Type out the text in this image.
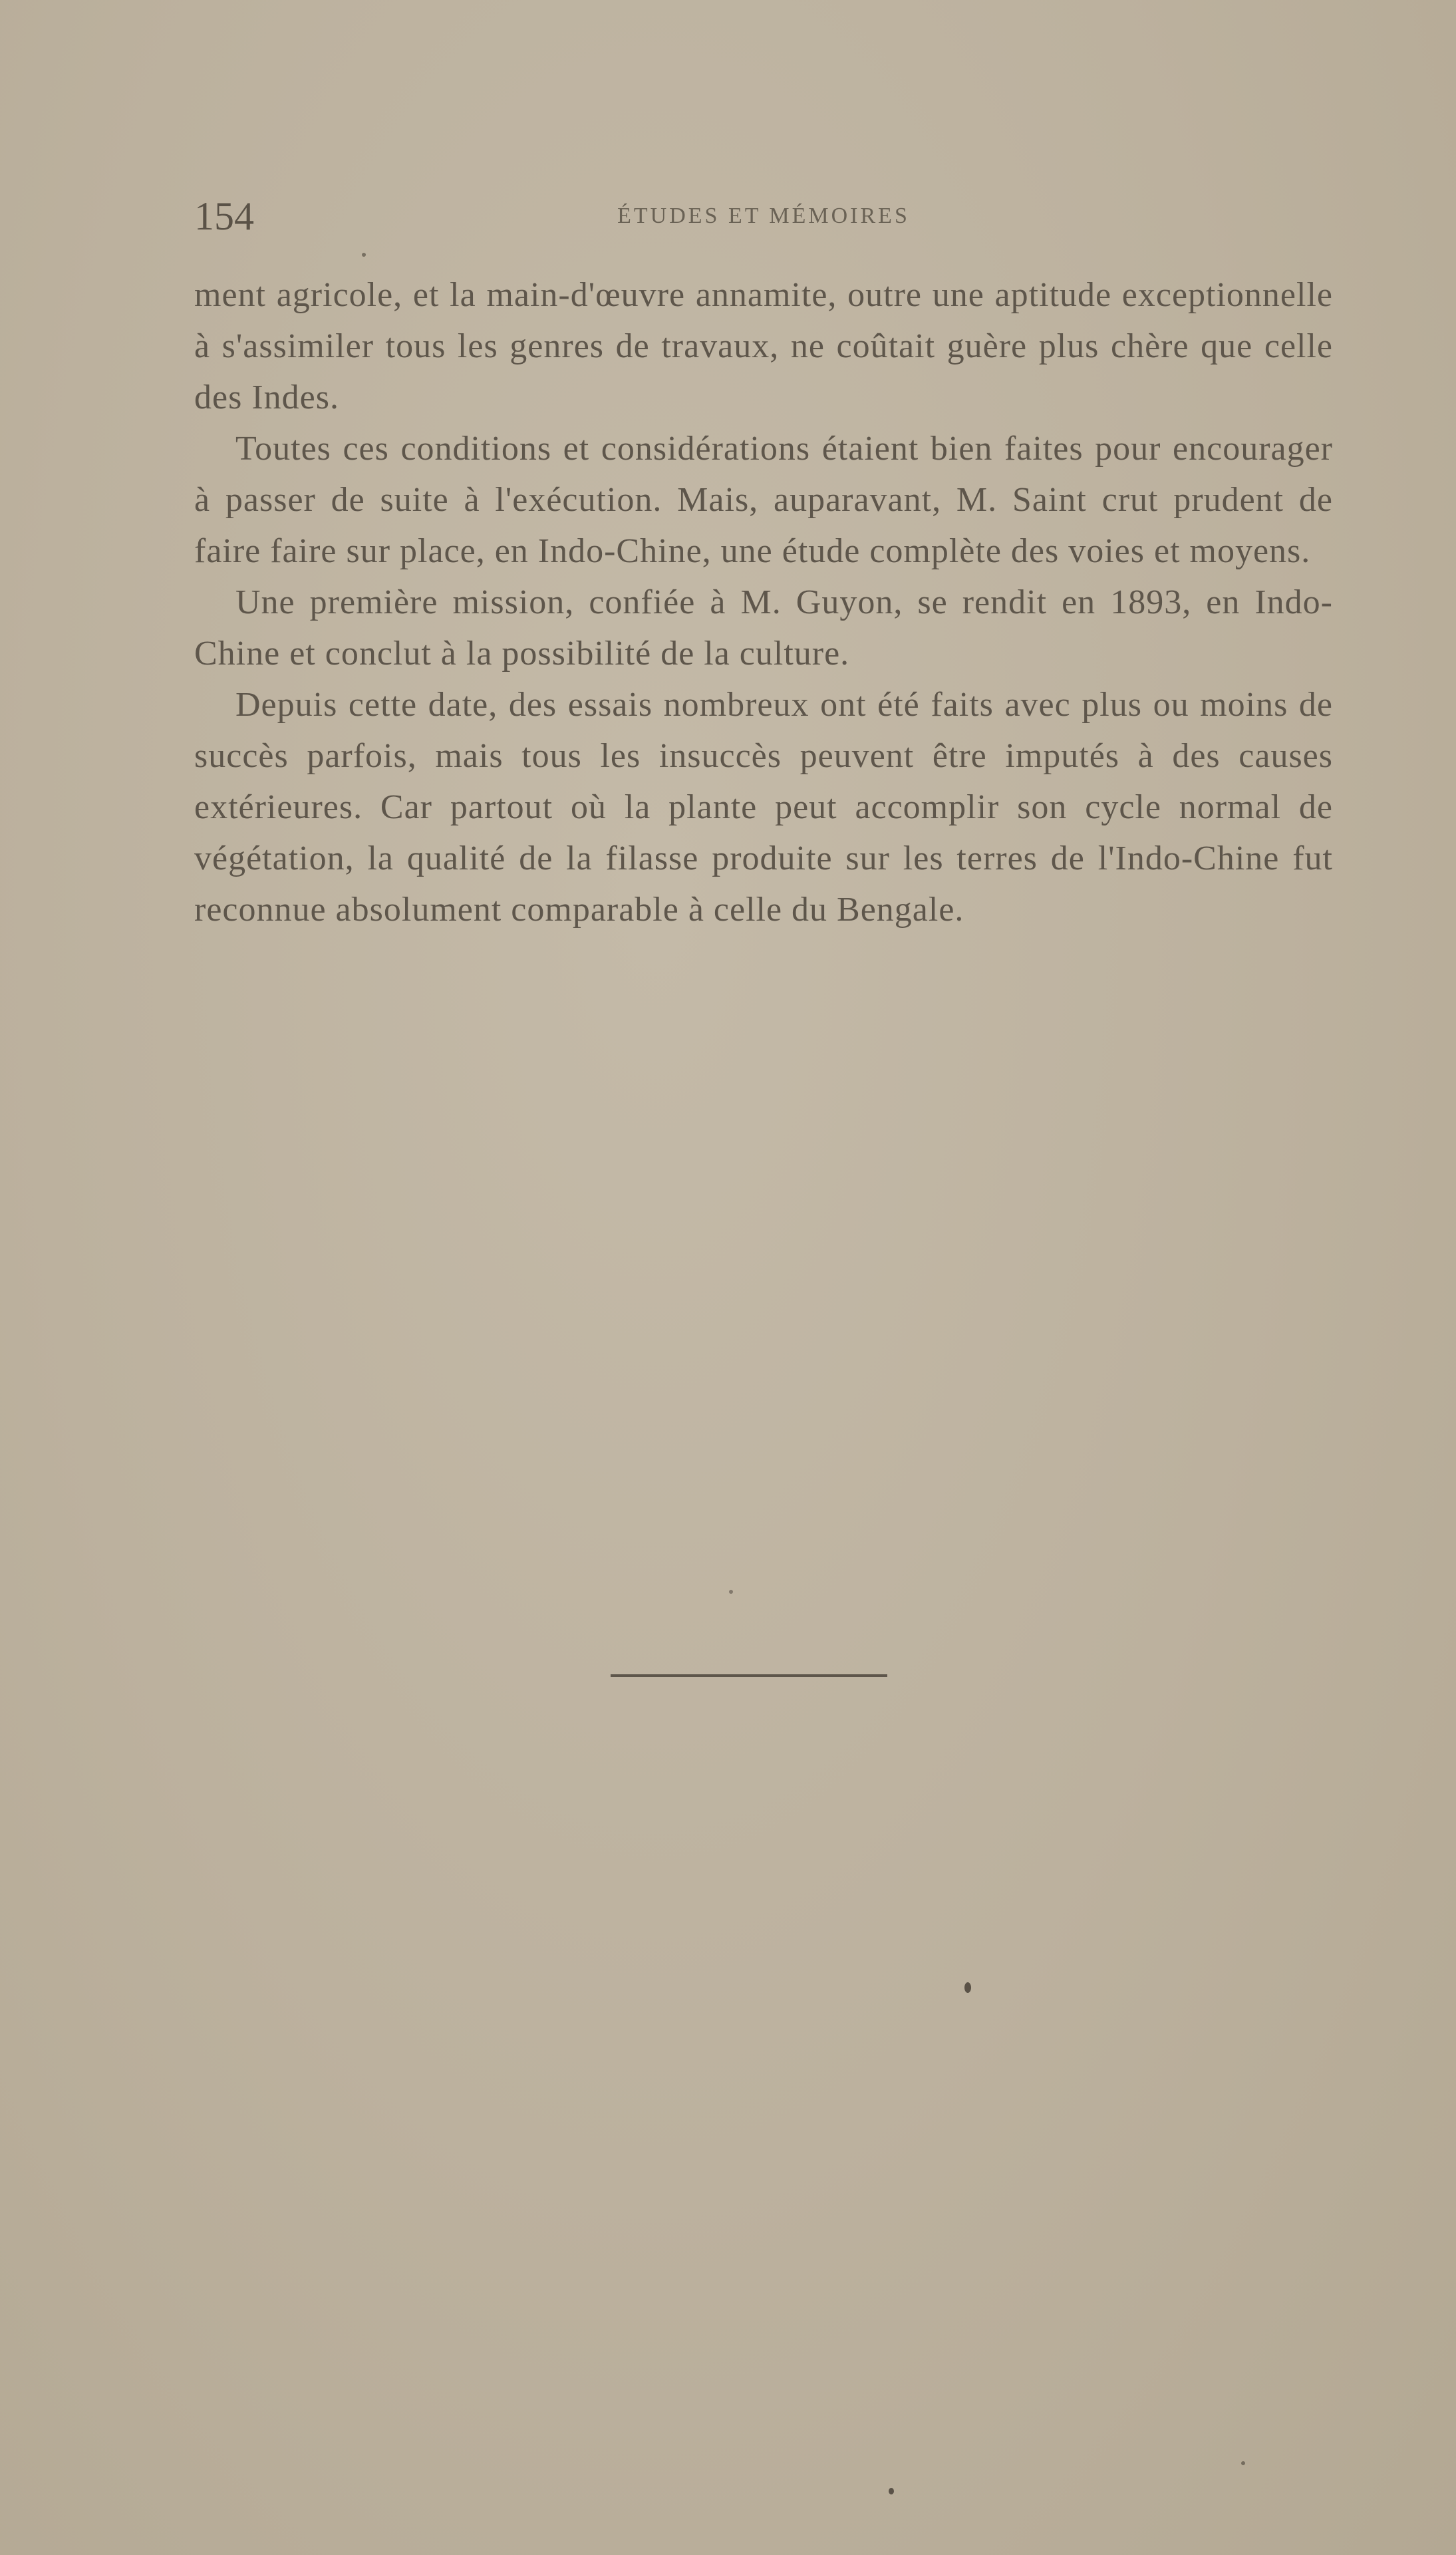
154	ÉTUDES ET MÉMOIRES

ment agricole, et la main-d'œuvre annamite, outre une aptitude exceptionnelle à s'assimiler tous les genres de travaux, ne coûtait guère plus chère que celle des Indes.

Toutes ces conditions et considérations étaient bien faites pour encourager à passer de suite à l'exécution. Mais, auparavant, M. Saint crut prudent de faire faire sur place, en Indo-Chine, une étude complète des voies et moyens.

Une première mission, confiée à M. Guyon, se rendit en 1893, en Indo-Chine et conclut à la possibilité de la culture.

Depuis cette date, des essais nombreux ont été faits avec plus ou moins de succès parfois, mais tous les insuccès peuvent être imputés à des causes extérieures. Car partout où la plante peut accomplir son cycle normal de végétation, la qualité de la filasse produite sur les terres de l'Indo-Chine fut reconnue absolument comparable à celle du Bengale.
